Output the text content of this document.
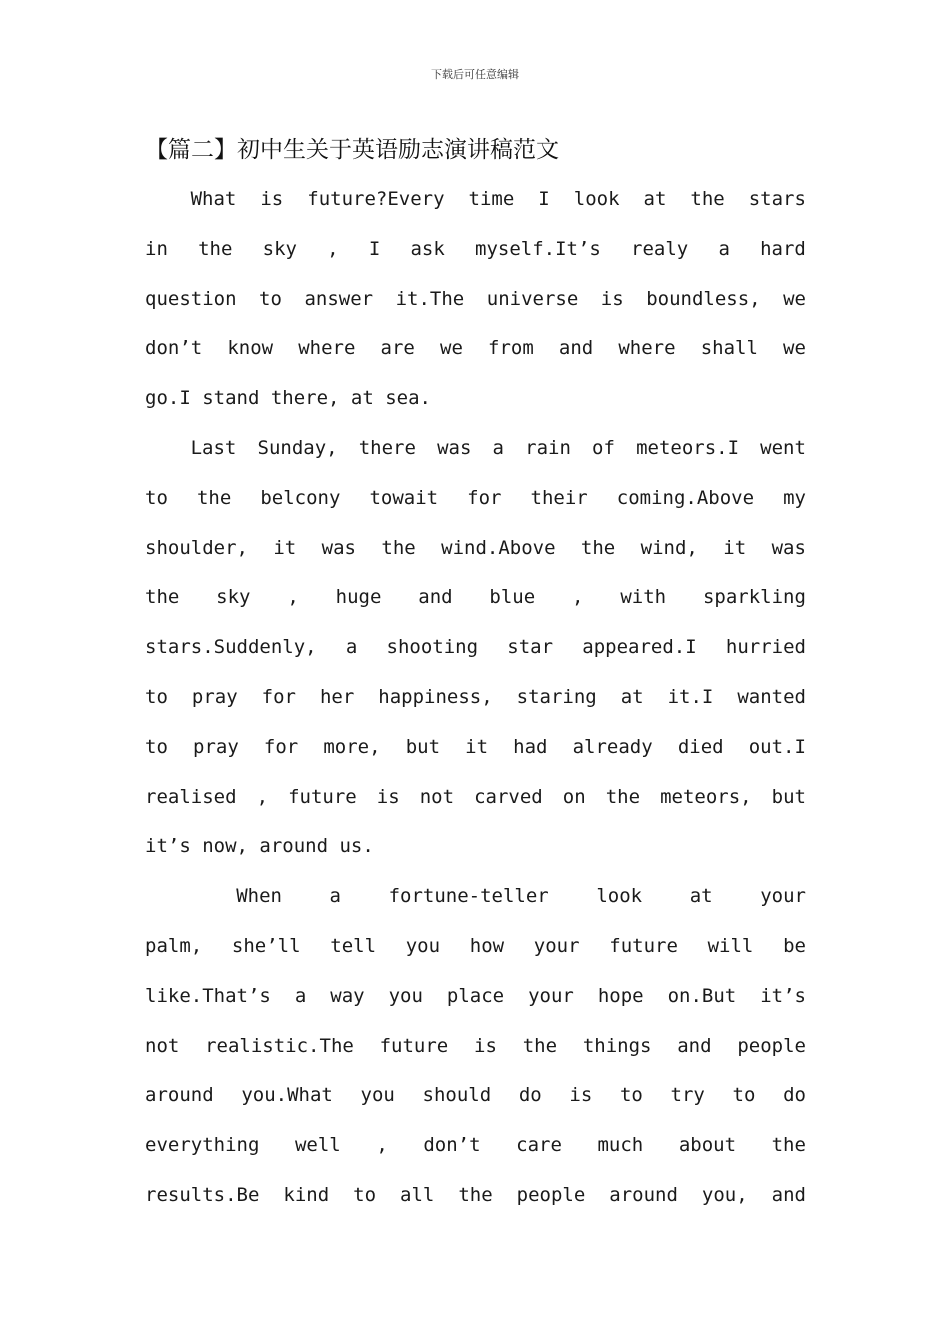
下载后可任意编辑
【篇二】初中生关于英语励志演讲稿范文
What is future?Every time I look at the stars
in the sky , I ask myself.It’s realy a hard
question to answer it.The universe is boundless, we
don’t know where are we from and where shall we
go.I stand there, at sea.
Last Sunday, there was a rain of meteors.I went
to the belcony towait for their coming.Above my
shoulder, it was the wind.Above the wind, it was
the sky , huge and blue , with sparkling
stars.Suddenly, a shooting star appeared.I hurried
to pray for her happiness, staring at it.I wanted
to pray for more, but it had already died out.I
realised , future is not carved on the meteors, but
it’s now, around us.
When	a	fortune-teller	look	at	your
palm, she’ll tell you how your future will be
like.That’s a way you place your hope on.But it’s
not realistic.The future is the things and people
around you.What you should do is to try to do
everything well , don’t care much about the
results.Be kind to all the people around you, and
